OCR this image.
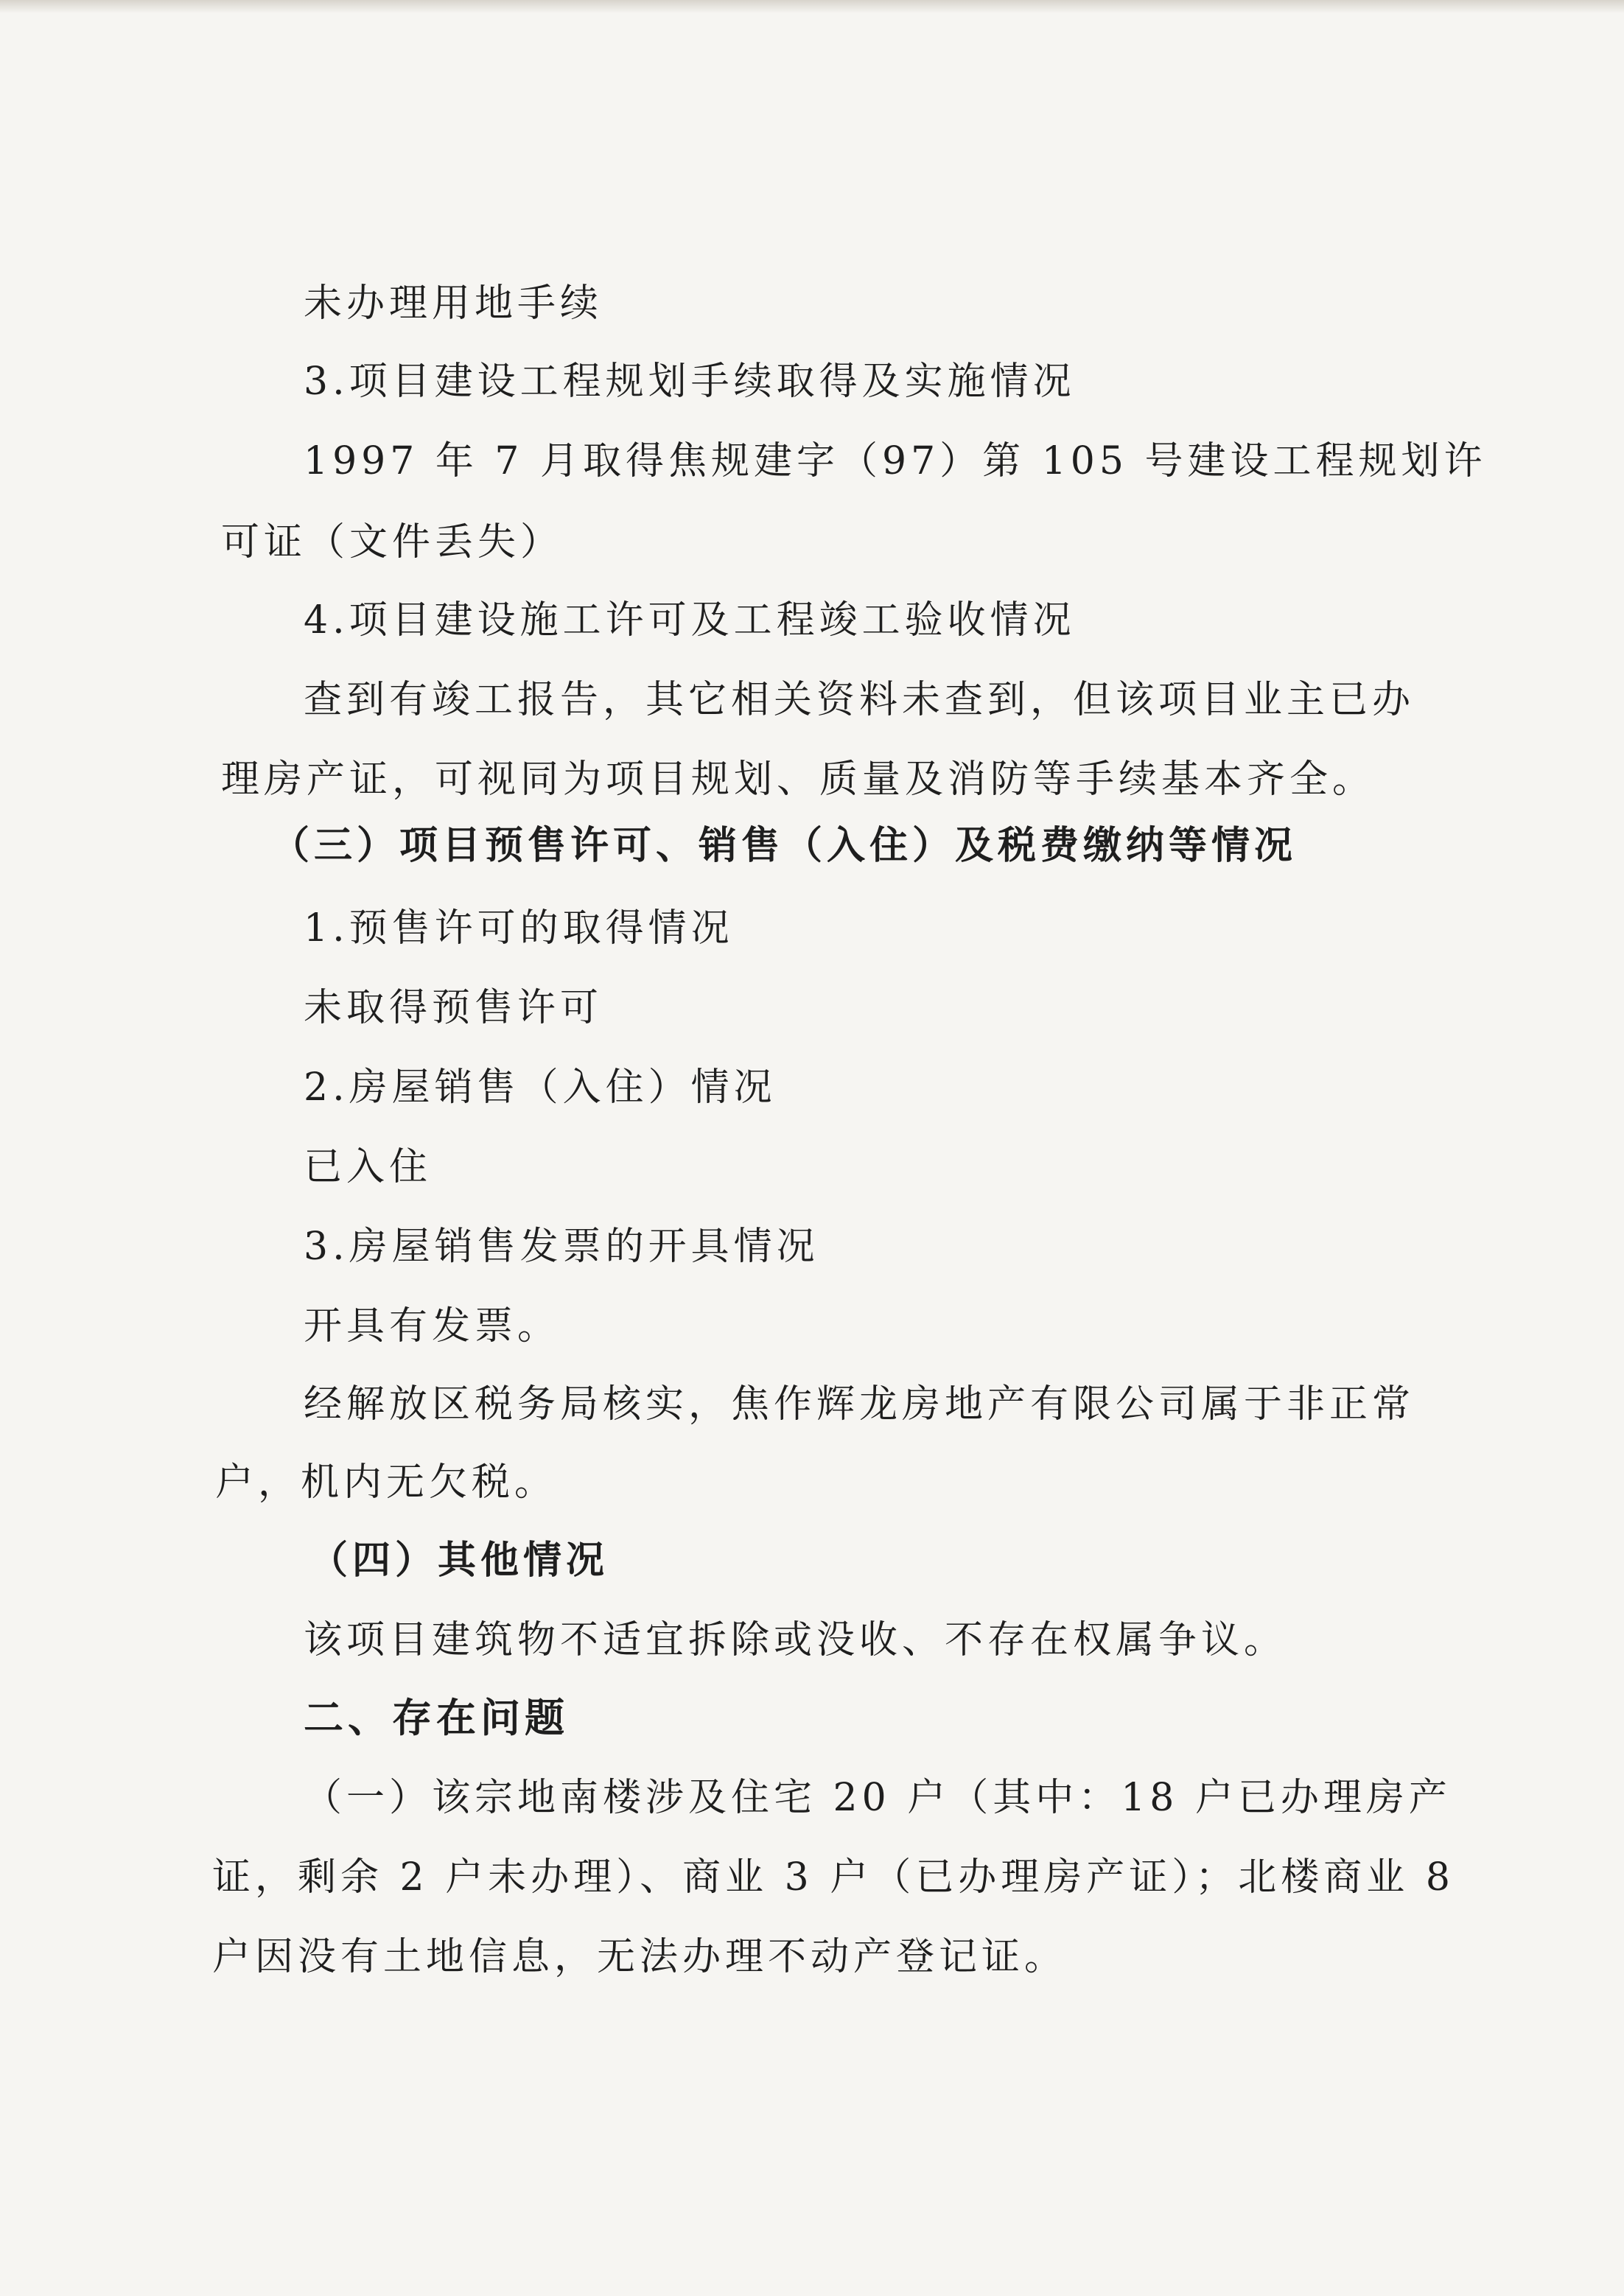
未办理用地手续
3.项目建设工程规划手续取得及实施情况
1997 年 7 月取得焦规建字（97）第 105 号建设工程规划许
可证（文件丢失）
4.项目建设施工许可及工程竣工验收情况
查到有竣工报告，其它相关资料未查到，但该项目业主已办
理房产证，可视同为项目规划、质量及消防等手续基本齐全。
（三）项目预售许可、销售（入住）及税费缴纳等情况
1.预售许可的取得情况
未取得预售许可
2.房屋销售（入住）情况
已入住
3.房屋销售发票的开具情况
开具有发票。
经解放区税务局核实，焦作辉龙房地产有限公司属于非正常
户，机内无欠税。
（四）其他情况
该项目建筑物不适宜拆除或没收、不存在权属争议。
二、存在问题
（一）该宗地南楼涉及住宅 20 户（其中：18 户已办理房产
证，剩余 2 户未办理）、商业 3 户（已办理房产证）；北楼商业 8
户因没有土地信息，无法办理不动产登记证。
